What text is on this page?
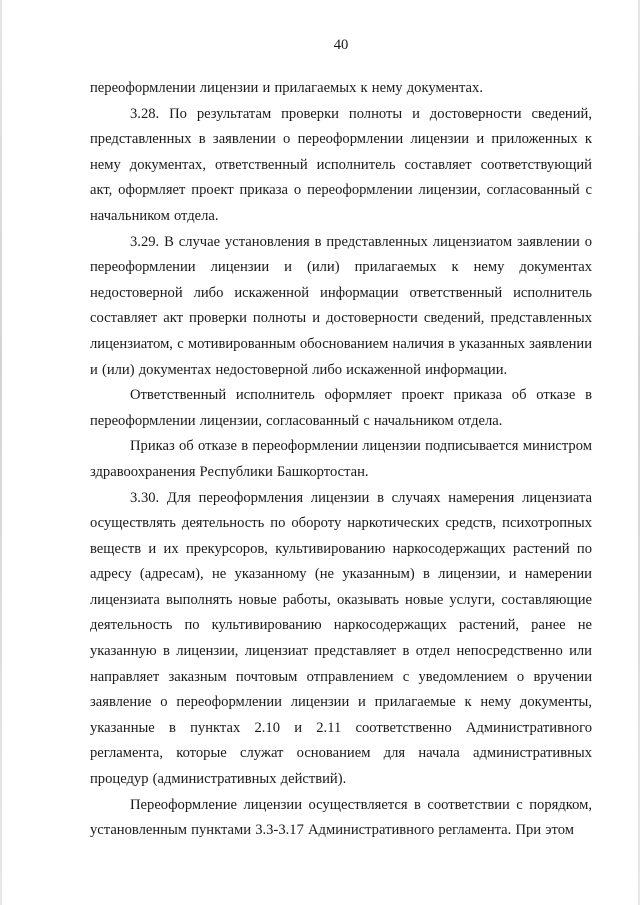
40

переоформлении лицензии и прилагаемых к нему документах.

3.28. По результатам проверки полноты и достоверности сведений, представленных в заявлении о переоформлении лицензии и приложенных к нему документах, ответственный исполнитель составляет соответствующий акт, оформляет проект приказа о переоформлении лицензии, согласованный с начальником отдела.

3.29. В случае установления в представленных лицензиатом заявлении о переоформлении лицензии и (или) прилагаемых к нему документах недостоверной либо искаженной информации ответственный исполнитель составляет акт проверки полноты и достоверности сведений, представленных лицензиатом, с мотивированным обоснованием наличия в указанных заявлении и (или) документах недостоверной либо искаженной информации.

Ответственный исполнитель оформляет проект приказа об отказе в переоформлении лицензии, согласованный с начальником отдела.

Приказ об отказе в переоформлении лицензии подписывается министром здравоохранения Республики Башкортостан.

3.30. Для переоформления лицензии в случаях намерения лицензиата осуществлять деятельность по обороту наркотических средств, психотропных веществ и их прекурсоров, культивированию наркосодержащих растений по адресу (адресам), не указанному (не указанным) в лицензии, и намерении лицензиата выполнять новые работы, оказывать новые услуги, составляющие деятельность по культивированию наркосодержащих растений, ранее не указанную в лицензии, лицензиат представляет в отдел непосредственно или направляет заказным почтовым отправлением с уведомлением о вручении заявление о переоформлении лицензии и прилагаемые к нему документы, указанные в пунктах 2.10 и 2.11 соответственно Административного регламента, которые служат основанием для начала административных процедур (административных действий).

Переоформление лицензии осуществляется в соответствии с порядком, установленным пунктами 3.3-3.17 Административного регламента. При этом
